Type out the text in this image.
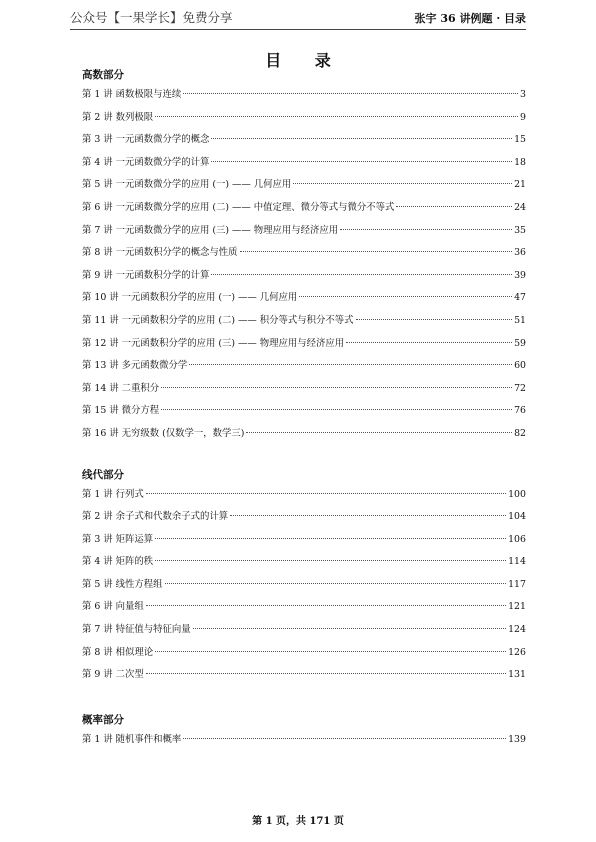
公众号【一果学长】免费分享	张宇 36 讲例题 · 目录
目 录
高数部分
第 1 讲 函数极限与连续	3
第 2 讲 数列极限	9
第 3 讲 一元函数微分学的概念	15
第 4 讲 一元函数微分学的计算	18
第 5 讲 一元函数微分学的应用 (一) —— 几何应用	21
第 6 讲 一元函数微分学的应用 (二) —— 中值定理、微分等式与微分不等式	24
第 7 讲 一元函数微分学的应用 (三) —— 物理应用与经济应用	35
第 8 讲 一元函数积分学的概念与性质	36
第 9 讲 一元函数积分学的计算	39
第 10 讲 一元函数积分学的应用 (一) —— 几何应用	47
第 11 讲 一元函数积分学的应用 (二) —— 积分等式与积分不等式	51
第 12 讲 一元函数积分学的应用 (三) —— 物理应用与经济应用	59
第 13 讲 多元函数微分学	60
第 14 讲 二重积分	72
第 15 讲 微分方程	76
第 16 讲 无穷级数 (仅数学一，数学三)	82
线代部分
第 1 讲 行列式	100
第 2 讲 余子式和代数余子式的计算	104
第 3 讲 矩阵运算	106
第 4 讲 矩阵的秩	114
第 5 讲 线性方程组	117
第 6 讲 向量组	121
第 7 讲 特征值与特征向量	124
第 8 讲 相似理论	126
第 9 讲 二次型	131
概率部分
第 1 讲 随机事件和概率	139
第 1 页，共 171 页
